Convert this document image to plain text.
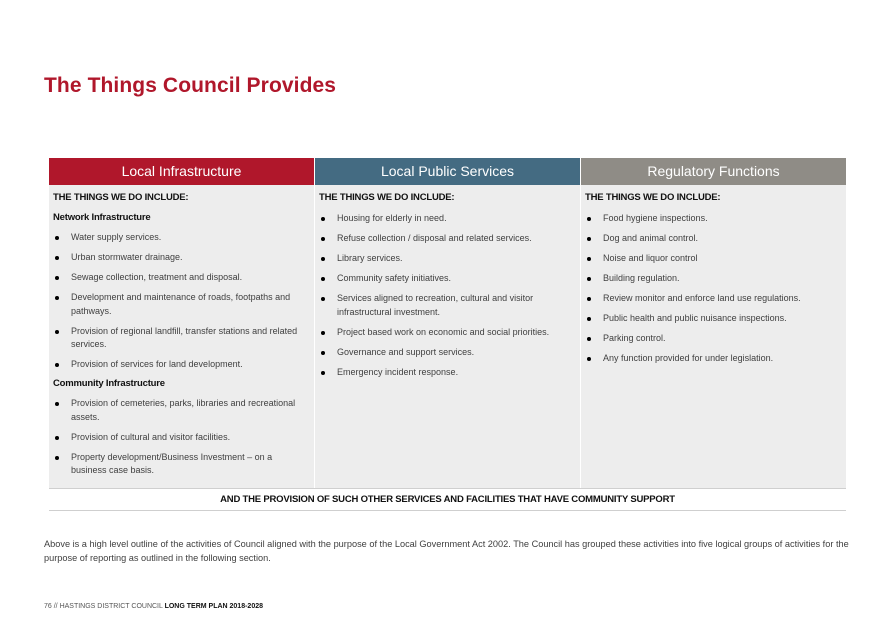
The Things Council Provides
Local Infrastructure	Local Public Services	Regulatory Functions
THE THINGS WE DO INCLUDE:
Network Infrastructure
Water supply services.
Urban stormwater drainage.
Sewage collection, treatment and disposal.
Development and maintenance of roads, footpaths and pathways.
Provision of regional landfill, transfer stations and related services.
Provision of services for land development.
Community Infrastructure
Provision of cemeteries, parks, libraries and recreational assets.
Provision of cultural and visitor facilities.
Property development/Business Investment – on a business case basis.
THE THINGS WE DO INCLUDE:
Housing for elderly in need.
Refuse collection / disposal and related services.
Library services.
Community safety initiatives.
Services aligned to recreation, cultural and visitor infrastructural investment.
Project based work on economic and social priorities.
Governance and support services.
Emergency incident response.
THE THINGS WE DO INCLUDE:
Food hygiene inspections.
Dog and animal control.
Noise and liquor control
Building regulation.
Review monitor and enforce land use regulations.
Public health and public nuisance inspections.
Parking control.
Any function provided for under legislation.
AND THE PROVISION OF SUCH OTHER SERVICES AND FACILITIES THAT HAVE COMMUNITY SUPPORT
Above is a high level outline of the activities of Council aligned with the purpose of the Local Government Act 2002. The Council has grouped these activities into five logical groups of activities for the purpose of reporting as outlined in the following section.
76 // HASTINGS DISTRICT COUNCIL LONG TERM PLAN 2018-2028
